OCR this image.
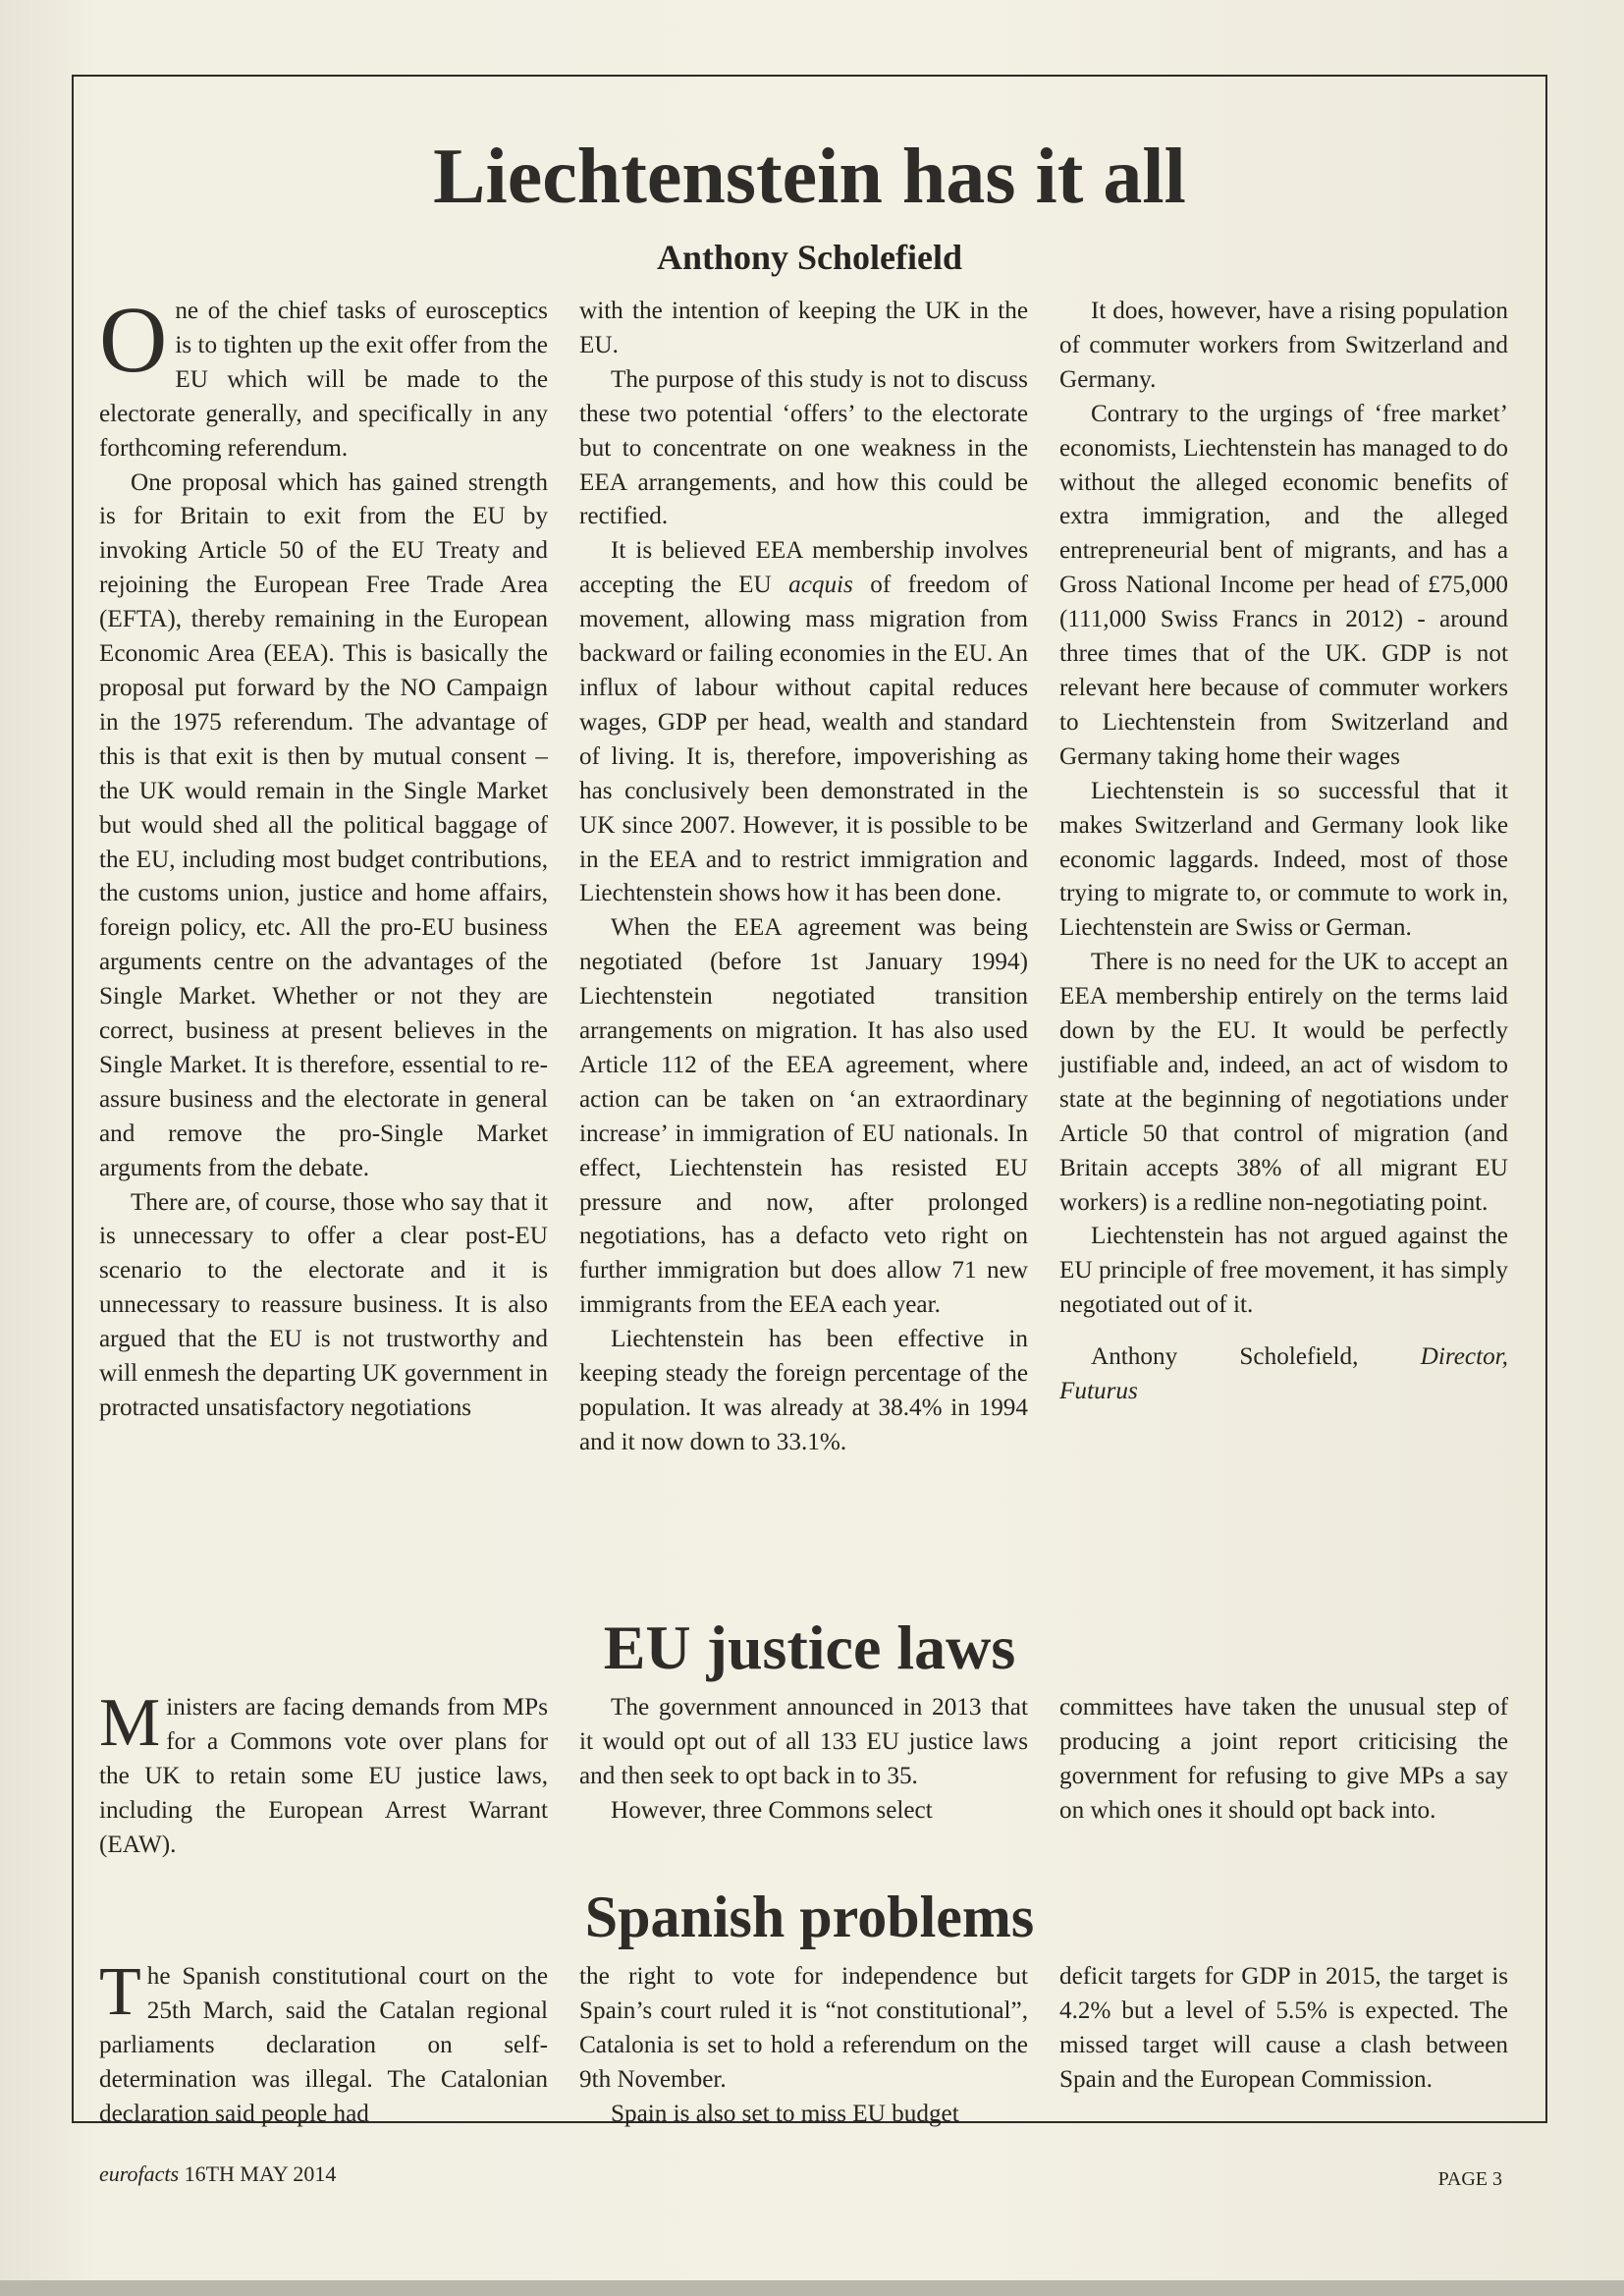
Liechtenstein has it all
Anthony Scholefield

One of the chief tasks of eurosceptics is to tighten up the exit offer from the EU which will be made to the electorate generally, and specifically in any forthcoming referendum.

One proposal which has gained strength is for Britain to exit from the EU by invoking Article 50 of the EU Treaty and rejoining the European Free Trade Area (EFTA), thereby remaining in the European Economic Area (EEA). This is basically the proposal put forward by the NO Campaign in the 1975 referendum. The advantage of this is that exit is then by mutual consent – the UK would remain in the Single Market but would shed all the political baggage of the EU, including most budget contributions, the customs union, justice and home affairs, foreign policy, etc. All the pro-EU business arguments centre on the advantages of the Single Market. Whether or not they are correct, business at present believes in the Single Market. It is therefore, essential to re-assure business and the electorate in general and remove the pro-Single Market arguments from the debate.

There are, of course, those who say that it is unnecessary to offer a clear post-EU scenario to the electorate and it is unnecessary to reassure business. It is also argued that the EU is not trustworthy and will enmesh the departing UK government in protracted unsatisfactory negotiations

with the intention of keeping the UK in the EU.

The purpose of this study is not to discuss these two potential ‘offers’ to the electorate but to concentrate on one weakness in the EEA arrangements, and how this could be rectified.

It is believed EEA membership involves accepting the EU acquis of freedom of movement, allowing mass migration from backward or failing economies in the EU. An influx of labour without capital reduces wages, GDP per head, wealth and standard of living. It is, therefore, impoverishing as has conclusively been demonstrated in the UK since 2007. However, it is possible to be in the EEA and to restrict immigration and Liechtenstein shows how it has been done.

When the EEA agreement was being negotiated (before 1st January 1994) Liechtenstein negotiated transition arrangements on migration. It has also used Article 112 of the EEA agreement, where action can be taken on ‘an extraordinary increase’ in immigration of EU nationals. In effect, Liechtenstein has resisted EU pressure and now, after prolonged negotiations, has a defacto veto right on further immigration but does allow 71 new immigrants from the EEA each year.

Liechtenstein has been effective in keeping steady the foreign percentage of the population. It was already at 38.4% in 1994 and it now down to 33.1%.

It does, however, have a rising population of commuter workers from Switzerland and Germany.

Contrary to the urgings of ‘free market’ economists, Liechtenstein has managed to do without the alleged economic benefits of extra immigration, and the alleged entrepreneurial bent of migrants, and has a Gross National Income per head of £75,000 (111,000 Swiss Francs in 2012) - around three times that of the UK. GDP is not relevant here because of commuter workers to Liechtenstein from Switzerland and Germany taking home their wages

Liechtenstein is so successful that it makes Switzerland and Germany look like economic laggards. Indeed, most of those trying to migrate to, or commute to work in, Liechtenstein are Swiss or German.

There is no need for the UK to accept an EEA membership entirely on the terms laid down by the EU. It would be perfectly justifiable and, indeed, an act of wisdom to state at the beginning of negotiations under Article 50 that control of migration (and Britain accepts 38% of all migrant EU workers) is a redline non-negotiating point.

Liechtenstein has not argued against the EU principle of free movement, it has simply negotiated out of it.

Anthony	Scholefield,	Director,

Futurus

EU justice laws

Ministers are facing demands from MPs for a Commons vote over plans for the UK to retain some EU justice laws, including the European Arrest Warrant (EAW).

The government announced in 2013 that it would opt out of all 133 EU justice laws and then seek to opt back in to 35.

However, three Commons select

committees have taken the unusual step of producing a joint report criticising the government for refusing to give MPs a say on which ones it should opt back into.

Spanish problems

The Spanish constitutional court on the 25th March, said the Catalan regional parliaments declaration on self-determination was illegal. The Catalonian declaration said people had

the right to vote for independence but Spain’s court ruled it is “not constitutional”, Catalonia is set to hold a referendum on the 9th November.

Spain is also set to miss EU budget

deficit targets for GDP in 2015, the target is 4.2% but a level of 5.5% is expected. The missed target will cause a clash between Spain and the European Commission.

eurofacts 16TH MAY 2014	PAGE 3
